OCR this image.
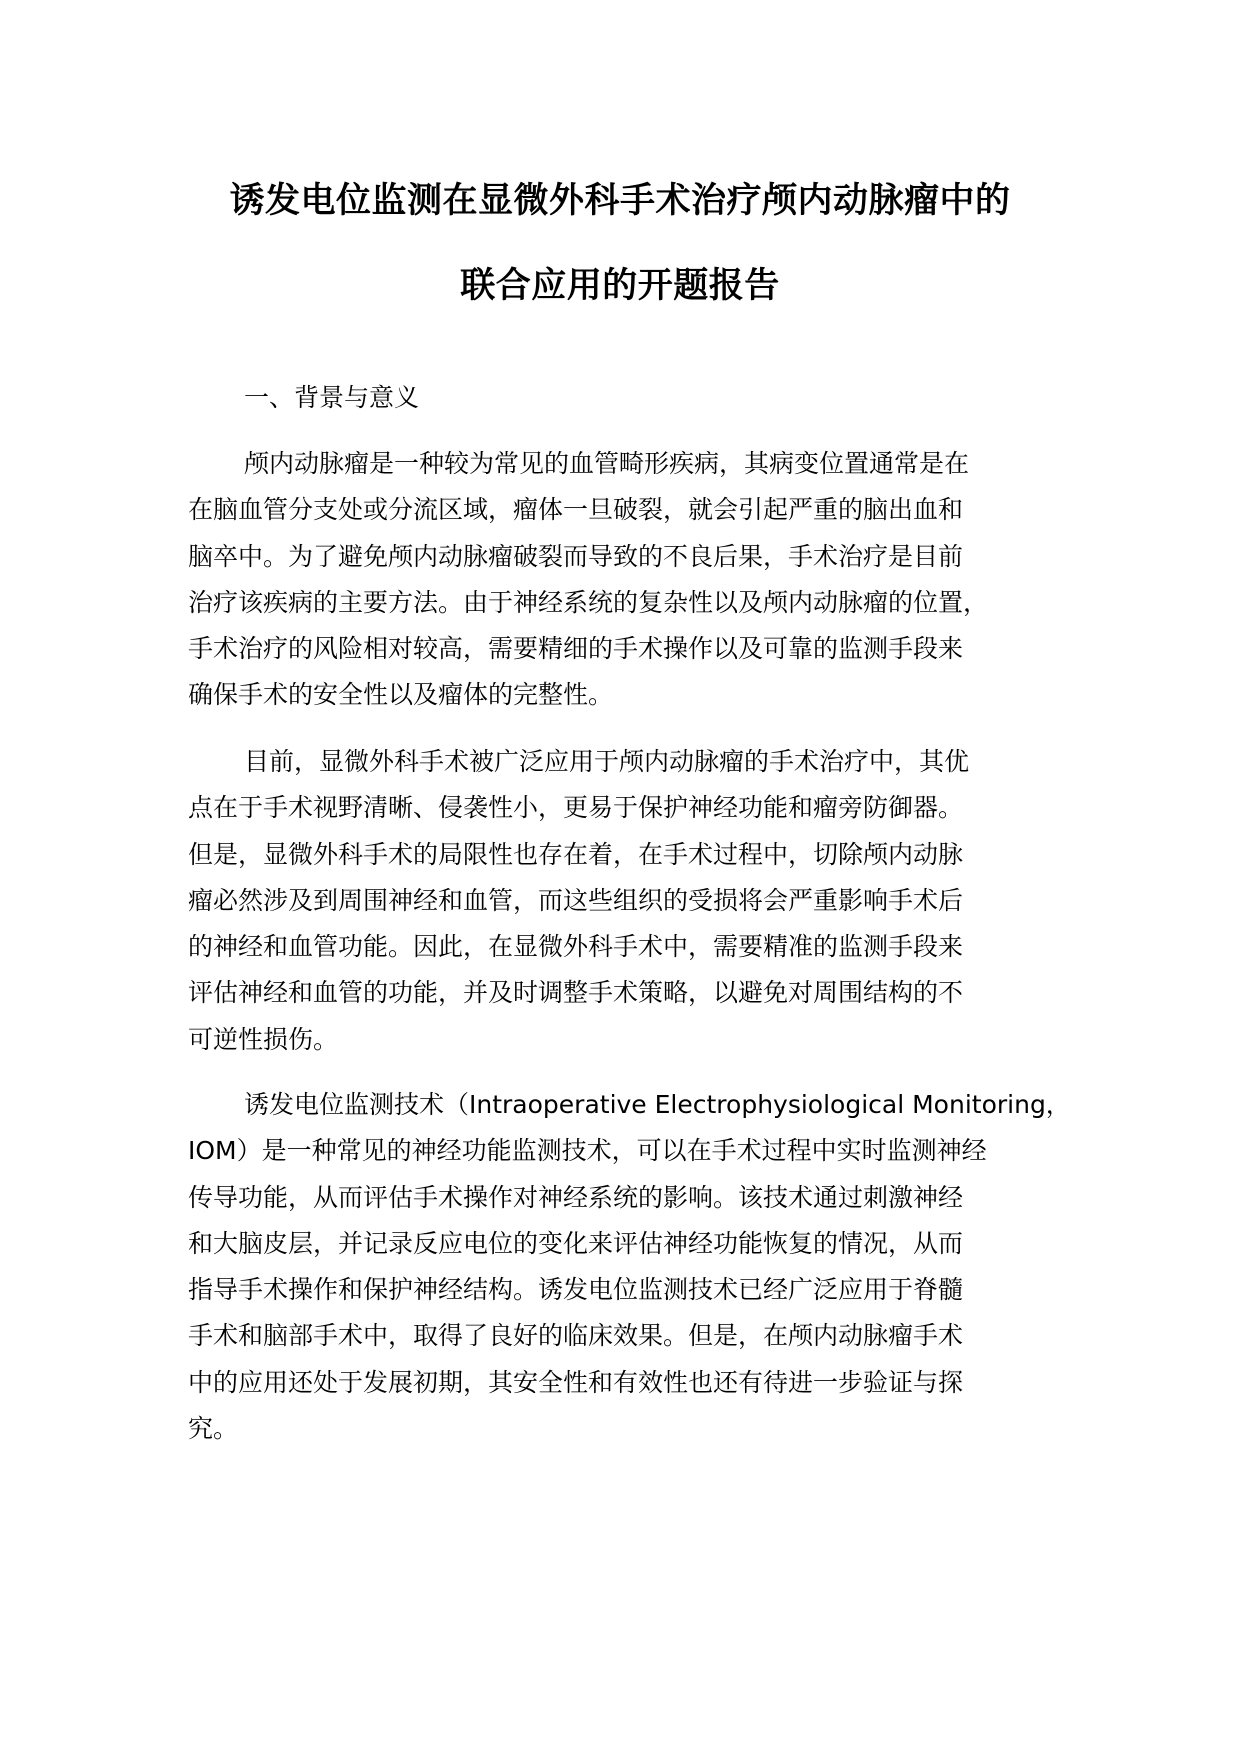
诱发电位监测在显微外科手术治疗颅内动脉瘤中的
联合应用的开题报告
一、背景与意义
颅内动脉瘤是一种较为常见的血管畸形疾病，其病变位置通常是在
在脑血管分支处或分流区域，瘤体一旦破裂，就会引起严重的脑出血和
脑卒中。为了避免颅内动脉瘤破裂而导致的不良后果，手术治疗是目前
治疗该疾病的主要方法。由于神经系统的复杂性以及颅内动脉瘤的位置，
手术治疗的风险相对较高，需要精细的手术操作以及可靠的监测手段来
确保手术的安全性以及瘤体的完整性。
目前，显微外科手术被广泛应用于颅内动脉瘤的手术治疗中，其优
点在于手术视野清晰、侵袭性小，更易于保护神经功能和瘤旁防御器。
但是，显微外科手术的局限性也存在着，在手术过程中，切除颅内动脉
瘤必然涉及到周围神经和血管，而这些组织的受损将会严重影响手术后
的神经和血管功能。因此，在显微外科手术中，需要精准的监测手段来
评估神经和血管的功能，并及时调整手术策略，以避免对周围结构的不
可逆性损伤。
诱发电位监测技术（Intraoperative Electrophysiological Monitoring，
IOM）是一种常见的神经功能监测技术，可以在手术过程中实时监测神经
传导功能，从而评估手术操作对神经系统的影响。该技术通过刺激神经
和大脑皮层，并记录反应电位的变化来评估神经功能恢复的情况，从而
指导手术操作和保护神经结构。诱发电位监测技术已经广泛应用于脊髓
手术和脑部手术中，取得了良好的临床效果。但是，在颅内动脉瘤手术
中的应用还处于发展初期，其安全性和有效性也还有待进一步验证与探
究。
